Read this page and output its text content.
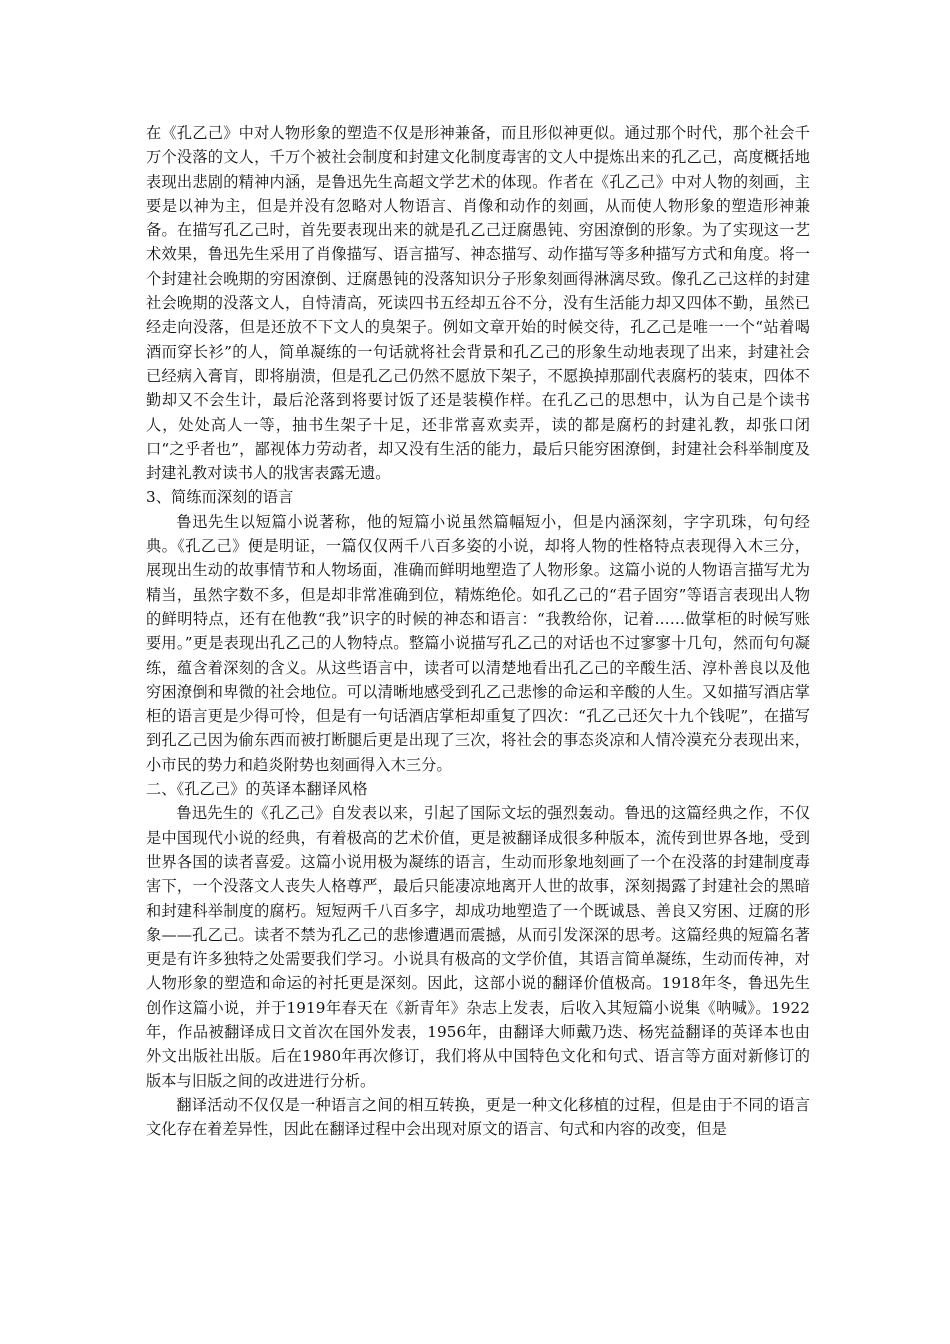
在《孔乙己》中对人物形象的塑造不仅是形神兼备，而且形似神更似。通过那个时代，那个社会千万个没落的文人，千万个被社会制度和封建文化制度毒害的文人中提炼出来的孔乙己，高度概括地表现出悲剧的精神内涵，是鲁迅先生高超文学艺术的体现。作者在《孔乙己》中对人物的刻画，主要是以神为主，但是并没有忽略对人物语言、肖像和动作的刻画，从而使人物形象的塑造形神兼备。在描写孔乙己时，首先要表现出来的就是孔乙己迂腐愚钝、穷困潦倒的形象。为了实现这一艺术效果，鲁迅先生采用了肖像描写、语言描写、神态描写、动作描写等多种描写方式和角度。将一个封建社会晚期的穷困潦倒、迂腐愚钝的没落知识分子形象刻画得淋漓尽致。像孔乙己这样的封建社会晚期的没落文人，自恃清高，死读四书五经却五谷不分，没有生活能力却又四体不勤，虽然已经走向没落，但是还放不下文人的臭架子。例如文章开始的时候交待，孔乙己是唯一一个“站着喝酒而穿长衫”的人，简单凝练的一句话就将社会背景和孔乙己的形象生动地表现了出来，封建社会已经病入膏肓，即将崩溃，但是孔乙己仍然不愿放下架子，不愿换掉那副代表腐朽的装束，四体不勤却又不会生计，最后沦落到将要讨饭了还是装模作样。在孔乙己的思想中，认为自己是个读书人，处处高人一等，抽书生架子十足，还非常喜欢卖弄，读的都是腐朽的封建礼教，却张口闭口“之乎者也”，鄙视体力劳动者，却又没有生活的能力，最后只能穷困潦倒，封建社会科举制度及封建礼教对读书人的戕害表露无遗。

3、简练而深刻的语言

鲁迅先生以短篇小说著称，他的短篇小说虽然篇幅短小，但是内涵深刻，字字玑珠，句句经典。《孔乙己》便是明证，一篇仅仅两千八百多姿的小说，却将人物的性格特点表现得入木三分，展现出生动的故事情节和人物场面，准确而鲜明地塑造了人物形象。这篇小说的人物语言描写尤为精当，虽然字数不多，但是却非常准确到位，精炼绝伦。如孔乙己的“君子固穷”等语言表现出人物的鲜明特点，还有在他教“我”识字的时候的神态和语言：“我教给你，记着……做掌柜的时候写账要用。”更是表现出孔乙己的人物特点。整篇小说描写孔乙己的对话也不过寥寥十几句，然而句句凝练，蕴含着深刻的含义。从这些语言中，读者可以清楚地看出孔乙己的辛酸生活、淳朴善良以及他穷困潦倒和卑微的社会地位。可以清晰地感受到孔乙己悲惨的命运和辛酸的人生。又如描写酒店掌柜的语言更是少得可怜，但是有一句话酒店掌柜却重复了四次：“孔乙己还欠十九个钱呢”，在描写到孔乙己因为偷东西而被打断腿后更是出现了三次，将社会的事态炎凉和人情冷漠充分表现出来，小市民的势力和趋炎附势也刻画得入木三分。

二、《孔乙己》的英译本翻译风格

鲁迅先生的《孔乙己》自发表以来，引起了国际文坛的强烈轰动。鲁迅的这篇经典之作，不仅是中国现代小说的经典，有着极高的艺术价值，更是被翻译成很多种版本，流传到世界各地，受到世界各国的读者喜爱。这篇小说用极为凝练的语言，生动而形象地刻画了一个在没落的封建制度毒害下，一个没落文人丧失人格尊严，最后只能凄凉地离开人世的故事，深刻揭露了封建社会的黑暗和封建科举制度的腐朽。短短两千八百多字，却成功地塑造了一个既诚恳、善良又穷困、迂腐的形象——孔乙己。读者不禁为孔乙己的悲惨遭遇而震撼，从而引发深深的思考。这篇经典的短篇名著更是有许多独特之处需要我们学习。小说具有极高的文学价值，其语言简单凝练，生动而传神，对人物形象的塑造和命运的衬托更是深刻。因此，这部小说的翻译价值极高。1918年冬，鲁迅先生创作这篇小说，并于1919年春天在《新青年》杂志上发表，后收入其短篇小说集《呐喊》。1922年，作品被翻译成日文首次在国外发表，1956年，由翻译大师戴乃迭、杨宪益翻译的英译本也由外文出版社出版。后在1980年再次修订，我们将从中国特色文化和句式、语言等方面对新修订的版本与旧版之间的改进进行分析。

翻译活动不仅仅是一种语言之间的相互转换，更是一种文化移植的过程，但是由于不同的语言文化存在着差异性，因此在翻译过程中会出现对原文的语言、句式和内容的改变，但是
